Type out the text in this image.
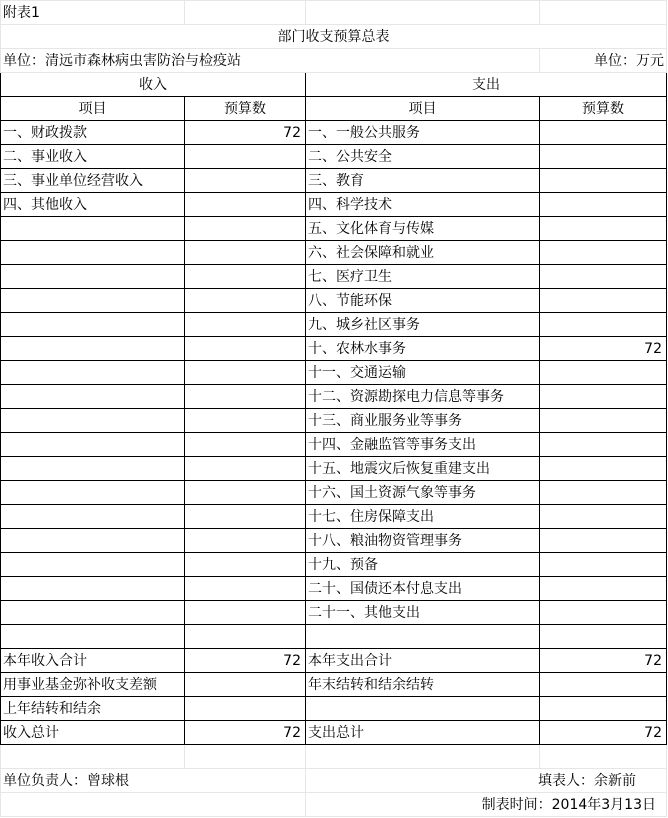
附表1			
部门收支预算总表			
单位：清远市森林病虫害防治与检疫站			单位：万元
收入		支出	
项目	预算数	项目	预算数
一、财政拨款	72	一、一般公共服务	
二、事业收入		二、公共安全	
三、事业单位经营收入		三、教育	
四、其他收入		四、科学技术	
		五、文化体育与传媒	
		六、社会保障和就业	
		七、医疗卫生	
		八、节能环保	
		九、城乡社区事务	
		十、农林水事务	72
		十一、交通运输	
		十二、资源勘探电力信息等事务	
		十三、商业服务业等事务	
		十四、金融监管等事务支出	
		十五、地震灾后恢复重建支出	
		十六、国土资源气象等事务	
		十七、住房保障支出	
		十八、粮油物资管理事务	
		十九、预备	
		二十、国债还本付息支出	
		二十一、其他支出	

本年收入合计	72	本年支出合计	72
用事业基金弥补收支差额		年末结转和结余结转	
上年结转和结余			
收入总计	72	支出总计	72

单位负责人：曾球根		填表人：余新前	
		制表时间：2014年3月13日	
